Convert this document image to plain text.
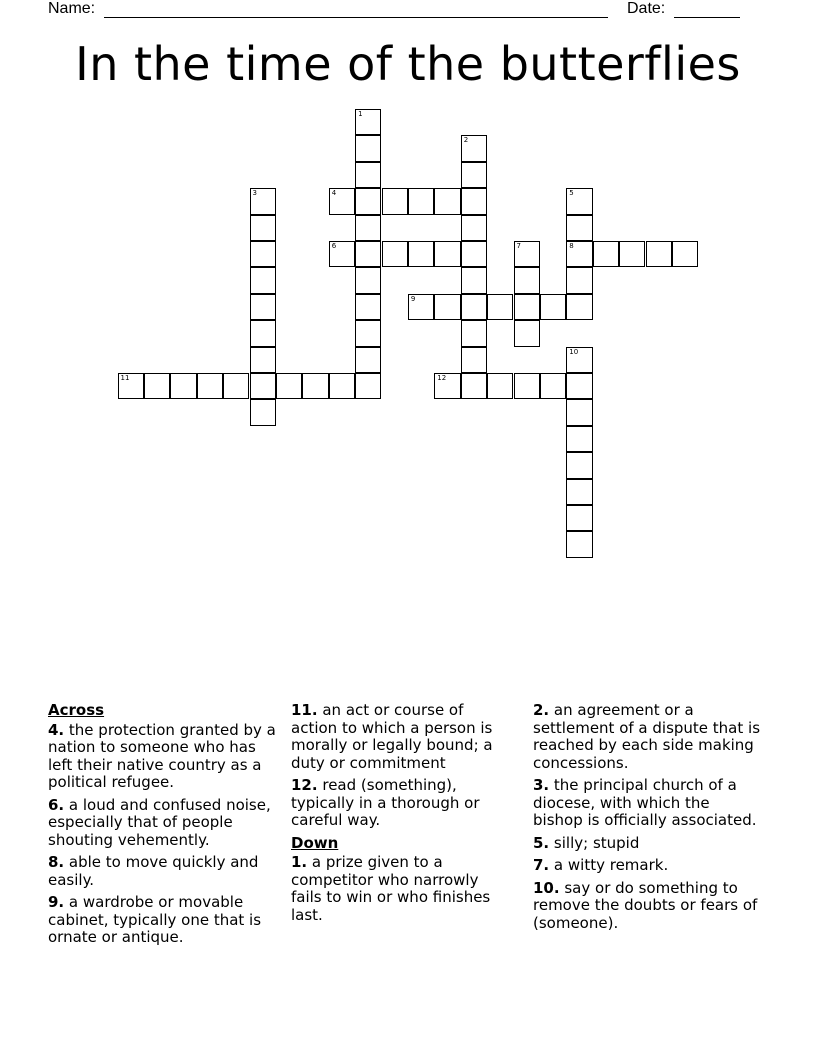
Name:	Date:
In the time of the butterflies
1
2
3	4	5
8
6	7
9
10
11	12
Across
4. the protection granted by a nation to someone who has left their native country as a political refugee.
6. a loud and confused noise, especially that of people shouting vehemently.
8. able to move quickly and easily.
9. a wardrobe or movable cabinet, typically one that is ornate or antique.
11. an act or course of action to which a person is morally or legally bound; a duty or commitment
12. read (something), typically in a thorough or careful way.
Down
1. a prize given to a competitor who narrowly fails to win or who finishes last.
2. an agreement or a settlement of a dispute that is reached by each side making concessions.
3. the principal church of a diocese, with which the bishop is officially associated.
5. silly; stupid
7. a witty remark.
10. say or do something to remove the doubts or fears of (someone).
